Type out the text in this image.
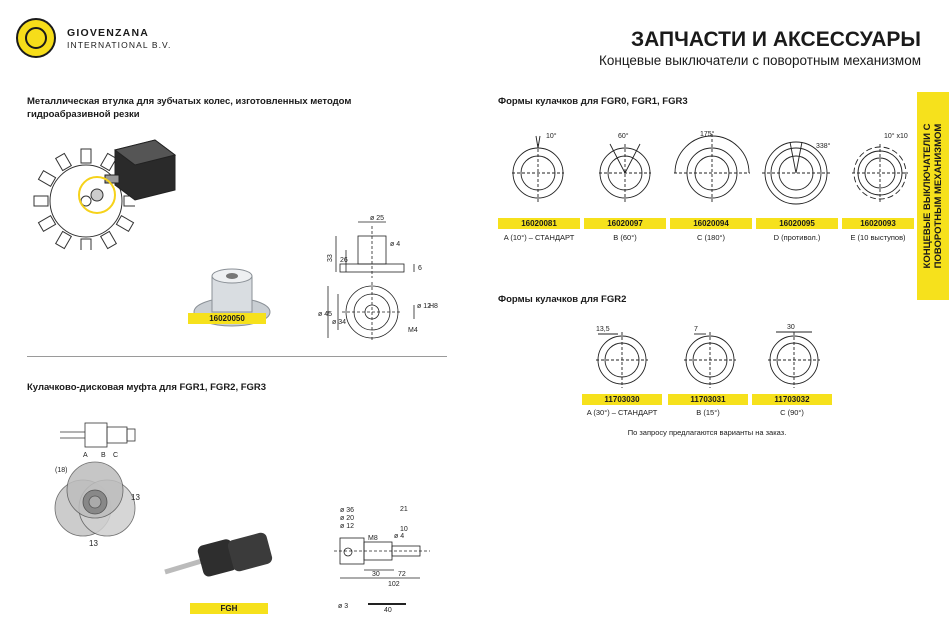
GIOVENZANA
INTERNATIONAL B.V.	ЗАПЧАСТИ И АКСЕССУАРЫ
Концевые выключатели с поворотным механизмом
КОНЦЕВЫЕ ВЫКЛЮЧАТЕЛИ С ПОВОРОТНЫМ МЕХАНИЗМОМ
Металлическая втулка для зубчатых колес, изготовленных методом гидроабразивной резки
16020050
ø 25
ø 4
33 26
6
ø 45
ø 34
ø 12
H8
M4
Кулачково-дисковая муфта для FGR1, FGR2, FGR3
A B C
13
13
(18)
FGH
ø 36
ø 20
ø 12
ø 4
M8
21
10
30	72
102
ø 3
40
Формы кулачков для FGR0, FGR1, FGR3
10°	60°	175°
338°
10° x10
16020081	16020097	16020094	16020095	16020093
A (10°) – СТАНДАРТ	B (60°)	C (180°)	D (противол.)	E (10 выступов)
Формы кулачков для FGR2
13,5	7	30
11703030	11703031	11703032
A (30°) – СТАНДАРТ	B (15°)	C (90°)
По запросу предлагаются варианты на заказ.
